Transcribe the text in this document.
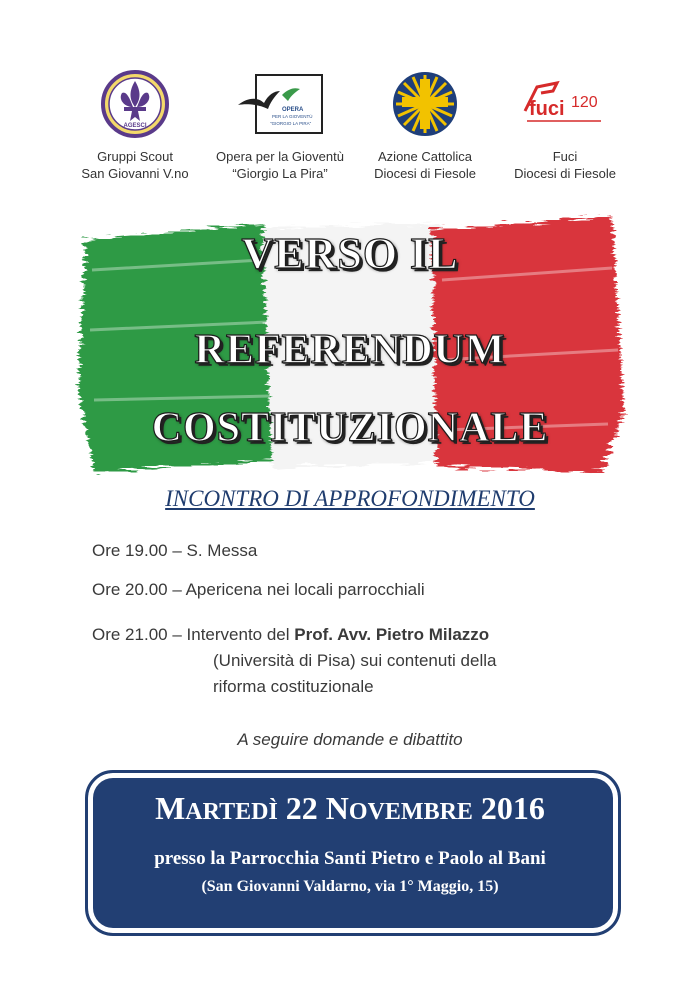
AGESCI
Gruppi Scout
San Giovanni V.no
OPERA
PER LA GIOVENTÙ
"GIORGIO LA PIRA"
Opera per la Gioventù
“Giorgio La Pira”
Azione Cattolica
Diocesi di Fiesole
fuci 120
Fuci
Diocesi di Fiesole
VERSO IL
REFERENDUM
COSTITUZIONALE
INCONTRO DI APPROFONDIMENTO
Ore 19.00 – S. Messa
Ore 20.00 – Apericena nei locali parrocchiali
Ore 21.00 – Intervento del Prof. Avv. Pietro Milazzo
(Università di Pisa) sui contenuti della
riforma costituzionale
A seguire domande e dibattito
MARTEDÌ 22 NOVEMBRE 2016
presso la Parrocchia Santi Pietro e Paolo al Bani
(San Giovanni Valdarno, via 1° Maggio, 15)
